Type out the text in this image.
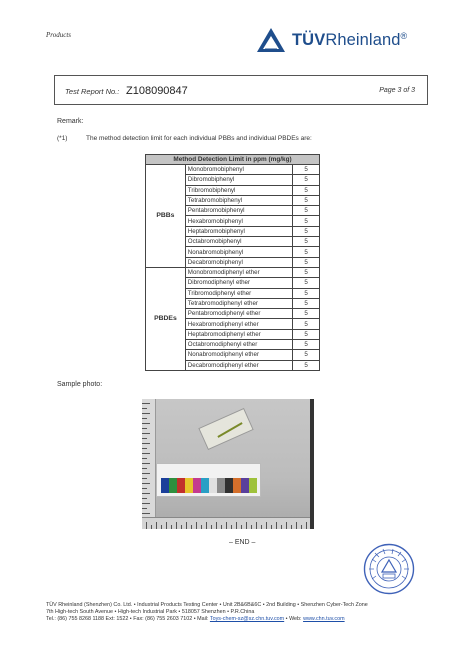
Products	TÜVRheinland®
Test Report No.: Z108090847	Page 3 of 3
Remark:
(*1)	The method detection limit for each individual PBBs and individual PBDEs are:
Method Detection Limit in ppm (mg/kg)		
PBBs	Monobromobiphenyl	5
	Dibromobiphenyl	5
	Tribromobiphenyl	5
	Tetrabromobiphenyl	5
	Pentabromobiphenyl	5
	Hexabromobiphenyl	5
	Heptabromobiphenyl	5
	Octabromobiphenyl	5
	Nonabromobiphenyl	5
	Decabromobiphenyl	5
PBDEs	Monobromodiphenyl ether	5
	Dibromodiphenyl ether	5
	Tribromodiphenyl ether	5
	Tetrabromodiphenyl ether	5
	Pentabromodiphenyl ether	5
	Hexabromodiphenyl ether	5
	Heptabromodiphenyl ether	5
	Octabromodiphenyl ether	5
	Nonabromodiphenyl ether	5
	Decabromodiphenyl ether	5
Sample photo:
– END –
TÜV Rheinland (Shenzhen) Co. Ltd. • Industrial Products Testing Center • Unit 2B&6B&6C • 2nd Building • Shenzhen Cyber-Tech Zone
7th High-tech South Avenue • High-tech Industrial Park • 518057 Shenzhen • P.R.China
Tel.: (86) 755 8268 1188 Ext: 1522 • Fax: (86) 755 2603 7102 • Mail: Toys-chem-sz@sz.chn.tuv.com • Web: www.chn.tuv.com
